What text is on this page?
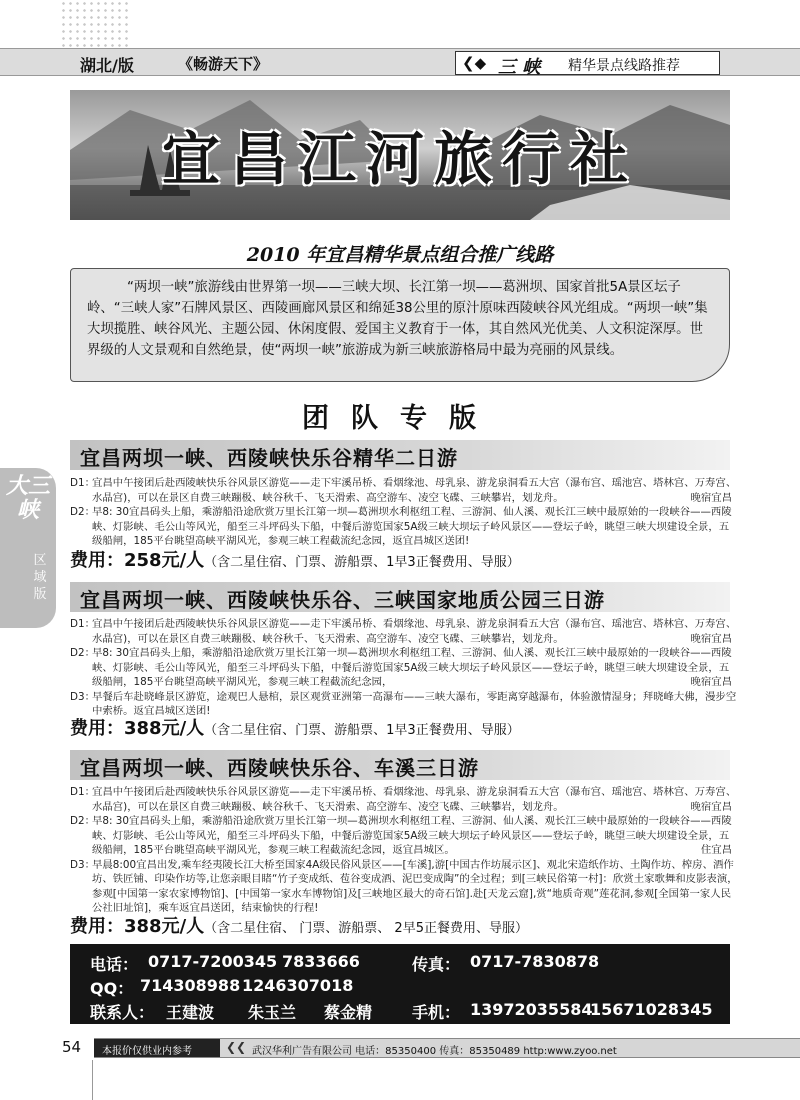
湖北/版	《畅游天下》	❮◆ 三 峡 精华景点线路推荐
宜昌江河旅行社
2010 年宜昌精华景点组合推广线路
“两坝一峡”旅游线由世界第一坝——三峡大坝、长江第一坝——葛洲坝、国家首批5A景区坛子岭、“三峡人家”石牌风景区、西陵画廊风景区和绵延38公里的原汁原味西陵峡谷风光组成。“两坝一峡”集大坝揽胜、峡谷风光、主题公园、休闲度假、爱国主义教育于一体，其自然风光优美、人文积淀深厚。世界级的人文景观和自然绝景，使“两坝一峡”旅游成为新三峡旅游格局中最为亮丽的风景线。
团队专版
大三峡
区域版
宜昌两坝一峡、西陵峡快乐谷精华二日游
D1：
宜昌中午接团后赴西陵峡快乐谷风景区游览——走下牢溪吊桥、看烟缘池、母乳泉、游龙泉洞看五大宫（瀑布宫、瑶池宫、塔林宫、万寿宫、水晶宫)，可以在景区自费三峡蹦极、峡谷秋千、飞天滑索、高空游车、凌空飞碟、三峡攀岩，划龙舟。	晚宿宜昌
D2：
早8: 30宜昌码头上船，乘游船沿途欣赏万里长江第一坝—葛洲坝水利枢纽工程、三游洞、仙人溪、观长江三峡中最原始的一段峡谷——西陵峡、灯影峡、毛公山等风光，船至三斗坪码头下船，中餐后游览国家5A级三峡大坝坛子岭风景区——登坛子岭，眺望三峡大坝建设全景，五级船闸，185平台眺望高峡平湖风光，参观三峡工程截流纪念园，返宜昌城区送团!
费用：258元/人（含二星住宿、门票、游船票、1早3正餐费用、导服）
宜昌两坝一峡、西陵峡快乐谷、三峡国家地质公园三日游
D1：
宜昌中午接团后赴西陵峡快乐谷风景区游览——走下牢溪吊桥、看烟缘池、母乳泉、游龙泉洞看五大宫（瀑布宫、瑶池宫、塔林宫、万寿宫、水晶宫)，可以在景区自费三峡蹦极、峡谷秋千、飞天滑索、高空游车、凌空飞碟、三峡攀岩，划龙舟。	晚宿宜昌
D2：
早8: 30宜昌码头上船，乘游船沿途欣赏万里长江第一坝—葛洲坝水利枢纽工程、三游洞、仙人溪、观长江三峡中最原始的一段峡谷——西陵峡、灯影峡、毛公山等风光，船至三斗坪码头下船，中餐后游览国家5A级三峡大坝坛子岭风景区——登坛子岭，眺望三峡大坝建设全景，五级船闸，185平台眺望高峡平湖风光，参观三峡工程截流纪念园，	晚宿宜昌
D3：
早餐后车赴晓峰景区游览，途观巴人悬棺，景区观赏亚洲第一高瀑布——三峡大瀑布，零距离穿越瀑布，体验激情湿身；拜晓峰大佛，漫步空中索桥。返宜昌城区送团!
费用：388元/人（含二星住宿、门票、游船票、1早3正餐费用、导服）
宜昌两坝一峡、西陵峡快乐谷、车溪三日游
D1：
宜昌中午接团后赴西陵峡快乐谷风景区游览——走下牢溪吊桥、看烟缘池、母乳泉、游龙泉洞看五大宫（瀑布宫、瑶池宫、塔林宫、万寿宫、水晶宫)，可以在景区自费三峡蹦极、峡谷秋千、飞天滑索、高空游车、凌空飞碟、三峡攀岩，划龙舟。	晚宿宜昌
D2：
早8: 30宜昌码头上船，乘游船沿途欣赏万里长江第一坝—葛洲坝水利枢纽工程、三游洞、仙人溪、观长江三峡中最原始的一段峡谷——西陵峡、灯影峡、毛公山等风光，船至三斗坪码头下船，中餐后游览国家5A级三峡大坝坛子岭风景区——登坛子岭，眺望三峡大坝建设全景，五级船闸，185平台眺望高峡平湖风光，参观三峡工程截流纪念园，返宜昌城区。	住宜昌
D3：
早晨8:00宜昌出发,乘车经夷陵长江大桥至国家4A级民俗风景区——[车溪],游[中国古作坊展示区]、观北宋造纸作坊、土陶作坊、榨房、酒作坊、铁匠铺、印染作坊等,让您亲眼目睹“竹子变成纸、苞谷变成酒、泥巴变成陶”的全过程；到[三峡民俗第一村]：欣赏土家歌舞和皮影表演，参观[中国第一家农家博物馆]、[中国第一家水车博物馆]及[三峡地区最大的奇石馆].赴[天龙云窟],赏“地质奇观”莲花洞,参观[全国第一家人民公社旧址馆]，乘车返宜昌送团，结束愉快的行程!
费用：388元/人（含二星住宿、 门票、游船票、 2早5正餐费用、导服）
电话： 0717-7200345 7833666	传真： 0717-7830878
QQ： 714308988 1246307018
联系人： 王建波 朱玉兰 蔡金精 手机： 13972035584
15671028345
54	本报价仅供业内参考	❮❮ 武汉华利广告有限公司 电话：85350400 传真：85350489 http:www.zyoo.net
